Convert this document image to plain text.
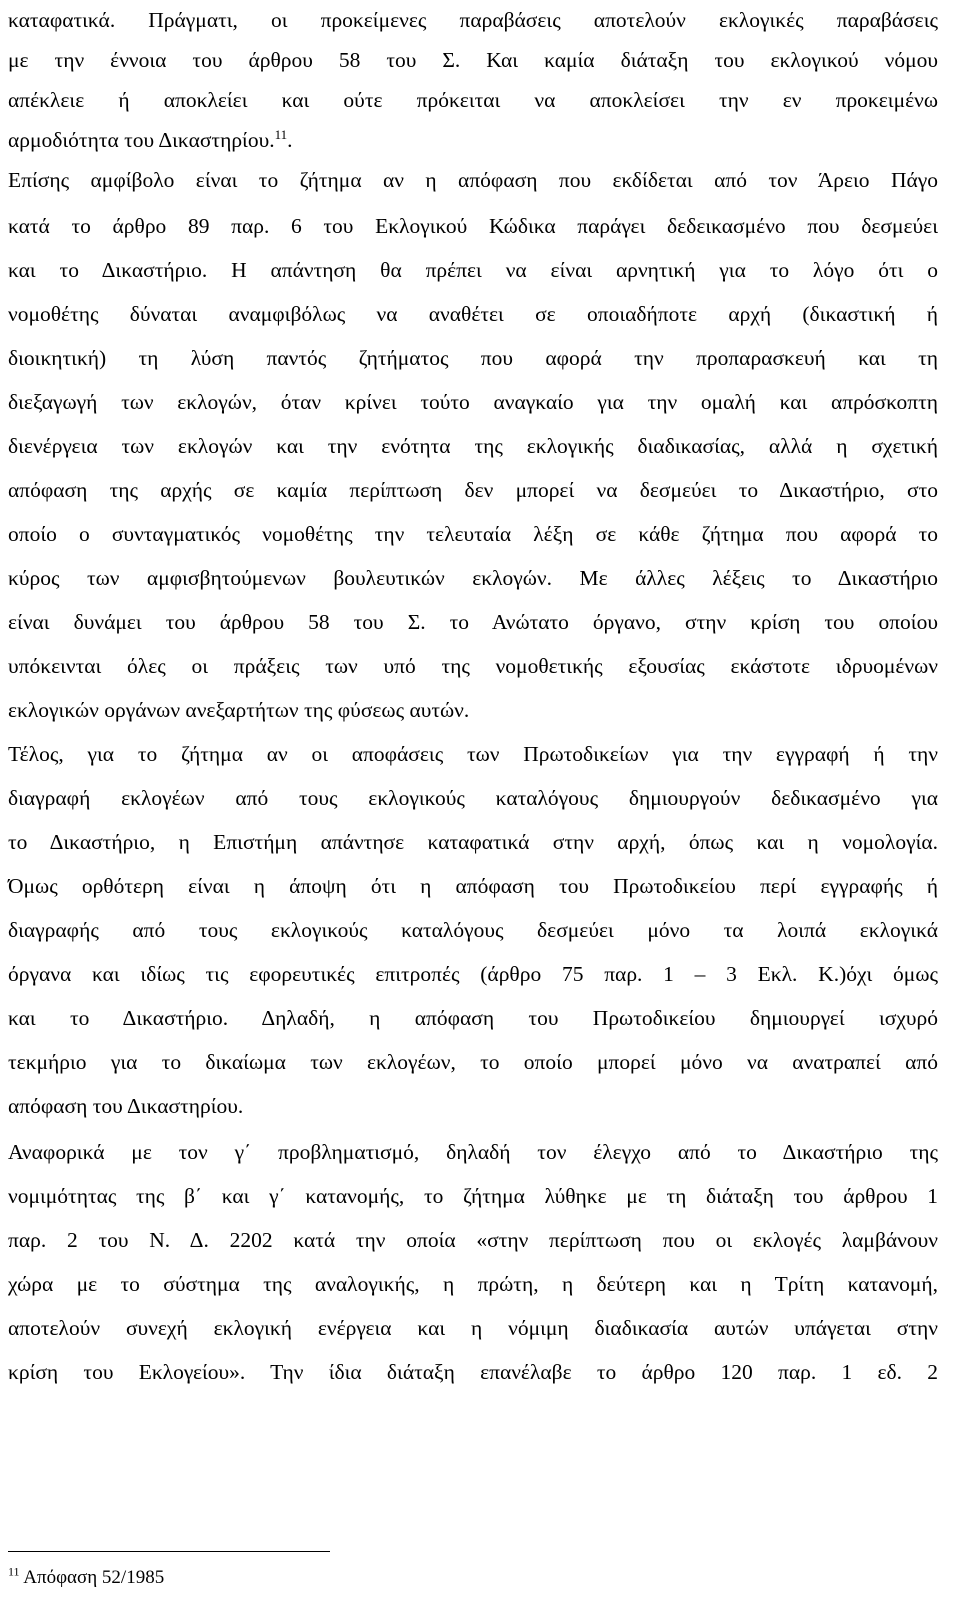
καταφατικά. Πράγματι, οι προκείμενες παραβάσεις αποτελούν εκλογικές παραβάσεις
με την έννοια του άρθρου 58 του Σ. Και καμία διάταξη του εκλογικού νόμου
απέκλειε ή αποκλείει και ούτε πρόκειται να αποκλείσει την εν προκειμένω
αρμοδιότητα του Δικαστηρίου.$^{11}$.
Επίσης αμφίβολο είναι το ζήτημα αν η απόφαση που εκδίδεται από τον Άρειο Πάγο
κατά το άρθρο 89 παρ. 6 του Εκλογικού Κώδικα παράγει δεδεικασμένο που δεσμεύει
και το Δικαστήριο. Η απάντηση θα πρέπει να είναι αρνητική για το λόγο ότι ο
νομοθέτης δύναται αναμφιβόλως να αναθέτει σε οποιαδήποτε αρχή (δικαστική ή
διοικητική) τη λύση παντός ζητήματος που αφορά την προπαρασκευή και τη
διεξαγωγή των εκλογών, όταν κρίνει τούτο αναγκαίο για την ομαλή και απρόσκοπτη
διενέργεια των εκλογών και την ενότητα της εκλογικής διαδικασίας, αλλά η σχετική
απόφαση της αρχής σε καμία περίπτωση δεν μπορεί να δεσμεύει το Δικαστήριο, στο
οποίο ο συνταγματικός νομοθέτης την τελευταία λέξη σε κάθε ζήτημα που αφορά το
κύρος των αμφισβητούμενων βουλευτικών εκλογών. Με άλλες λέξεις το Δικαστήριο
είναι δυνάμει του άρθρου 58 του Σ. το Ανώτατο όργανο, στην κρίση του οποίου
υπόκεινται όλες οι πράξεις των υπό της νομοθετικής εξουσίας εκάστοτε ιδρυομένων
εκλογικών οργάνων ανεξαρτήτων της φύσεως αυτών.
Τέλος, για το ζήτημα αν οι αποφάσεις των Πρωτοδικείων για την εγγραφή ή την
διαγραφή εκλογέων από τους εκλογικούς καταλόγους δημιουργούν δεδικασμένο για
το Δικαστήριο, η Επιστήμη απάντησε καταφατικά στην αρχή, όπως και η νομολογία.
Όμως ορθότερη είναι η άποψη ότι η απόφαση του Πρωτοδικείου περί εγγραφής ή
διαγραφής από τους εκλογικούς καταλόγους δεσμεύει μόνο τα λοιπά εκλογικά
όργανα και ιδίως τις εφορευτικές επιτροπές (άρθρο 75 παρ. 1 – 3 Εκλ. Κ.)όχι όμως
και το Δικαστήριο. Δηλαδή, η απόφαση του Πρωτοδικείου δημιουργεί ισχυρό
τεκμήριο για το δικαίωμα των εκλογέων, το οποίο μπορεί μόνο να ανατραπεί από
απόφαση του Δικαστηρίου.
Αναφορικά με τον γ΄ προβληματισμό, δηλαδή τον έλεγχο από το Δικαστήριο της
νομιμότητας της β΄ και γ΄ κατανομής, το ζήτημα λύθηκε με τη διάταξη του άρθρου 1
παρ. 2 του Ν. Δ. 2202 κατά την οποία «στην περίπτωση που οι εκλογές λαμβάνουν
χώρα με το σύστημα της αναλογικής, η πρώτη, η δεύτερη και η Τρίτη κατανομή,
αποτελούν συνεχή εκλογική ενέργεια και η νόμιμη διαδικασία αυτών υπάγεται στην
κρίση του Εκλογείου». Την ίδια διάταξη επανέλαβε το άρθρο 120 παρ. 1 εδ. 2
$^{11}$ Απόφαση 52/1985
